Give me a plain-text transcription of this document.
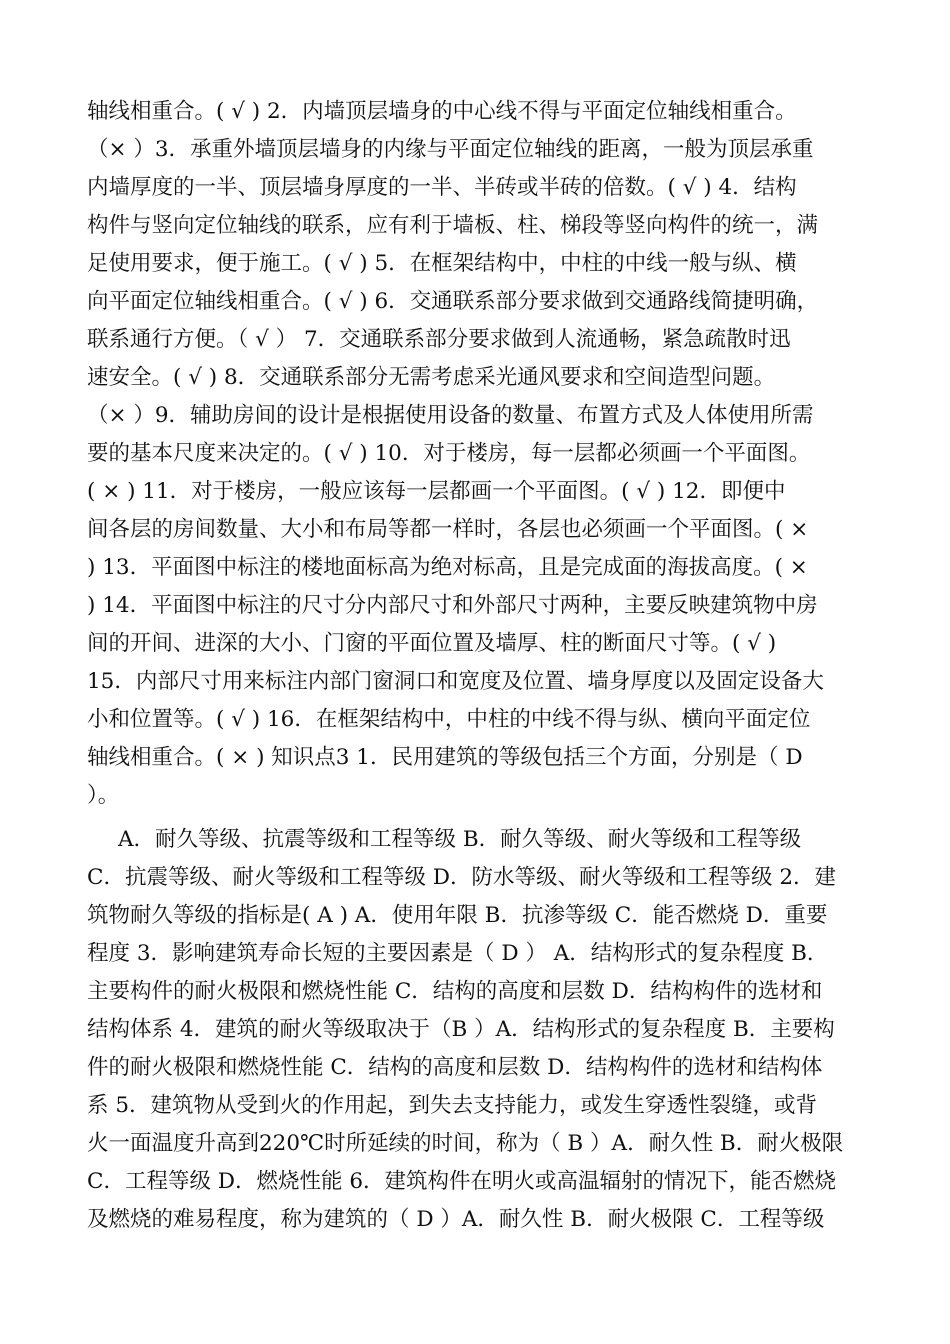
轴线相重合。( √ ) 2．内墙顶层墙身的中心线不得与平面定位轴线相重合。
（× ）3．承重外墙顶层墙身的内缘与平面定位轴线的距离，一般为顶层承重
内墙厚度的一半、顶层墙身厚度的一半、半砖或半砖的倍数。( √ ) 4．结构
构件与竖向定位轴线的联系，应有利于墙板、柱、梯段等竖向构件的统一，满
足使用要求，便于施工。( √ ) 5．在框架结构中，中柱的中线一般与纵、横
向平面定位轴线相重合。( √ ) 6．交通联系部分要求做到交通路线简捷明确，
联系通行方便。（ √ ） 7．交通联系部分要求做到人流通畅，紧急疏散时迅
速安全。( √ ) 8．交通联系部分无需考虑采光通风要求和空间造型问题。
（× ）9．辅助房间的设计是根据使用设备的数量、布置方式及人体使用所需
要的基本尺度来决定的。( √ ) 10．对于楼房，每一层都必须画一个平面图。
( × ) 11．对于楼房，一般应该每一层都画一个平面图。( √ ) 12．即便中
间各层的房间数量、大小和布局等都一样时，各层也必须画一个平面图。( ×
) 13．平面图中标注的楼地面标高为绝对标高，且是完成面的海拔高度。( ×
) 14．平面图中标注的尺寸分内部尺寸和外部尺寸两种，主要反映建筑物中房
间的开间、进深的大小、门窗的平面位置及墙厚、柱的断面尺寸等。( √ )
15．内部尺寸用来标注内部门窗洞口和宽度及位置、墙身厚度以及固定设备大
小和位置等。( √ ) 16．在框架结构中，中柱的中线不得与纵、横向平面定位
轴线相重合。( × ) 知识点3 1．民用建筑的等级包括三个方面，分别是（ D
）。
A．耐久等级、抗震等级和工程等级 B．耐久等级、耐火等级和工程等级
C．抗震等级、耐火等级和工程等级 D．防水等级、耐火等级和工程等级 2．建
筑物耐久等级的指标是( A ) A．使用年限 B．抗渗等级 C．能否燃烧 D．重要
程度 3．影响建筑寿命长短的主要因素是（ D ） A．结构形式的复杂程度 B．
主要构件的耐火极限和燃烧性能 C．结构的高度和层数 D．结构构件的选材和
结构体系 4．建筑的耐火等级取决于（B ）A．结构形式的复杂程度 B．主要构
件的耐火极限和燃烧性能 C．结构的高度和层数 D．结构构件的选材和结构体
系 5．建筑物从受到火的作用起，到失去支持能力，或发生穿透性裂缝，或背
火一面温度升高到220℃时所延续的时间，称为（ B ）A．耐久性 B．耐火极限
C．工程等级 D．燃烧性能 6．建筑构件在明火或高温辐射的情况下，能否燃烧
及燃烧的难易程度，称为建筑的（ D ）A．耐久性 B．耐火极限 C．工程等级
